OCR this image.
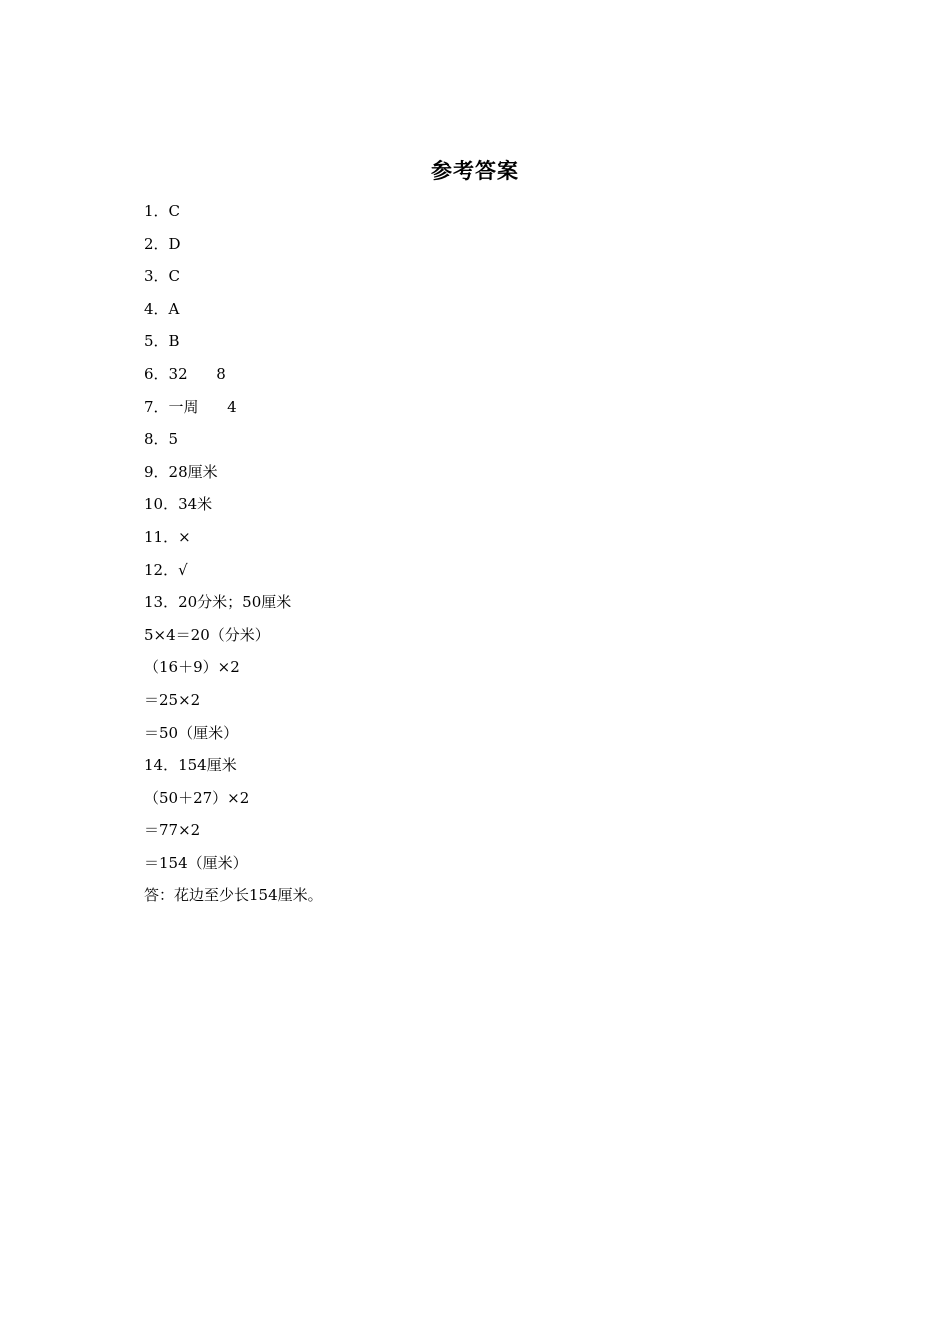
参考答案
1．C
2．D
3．C
4．A
5．B
6．32      8
7．一周      4
8．5
9．28厘米
10．34米
11．×
12．√
13．20分米；50厘米
5×4＝20（分米）
（16＋9）×2
＝25×2
＝50（厘米）
14．154厘米
（50＋27）×2
＝77×2
＝154（厘米）
答：花边至少长154厘米。
